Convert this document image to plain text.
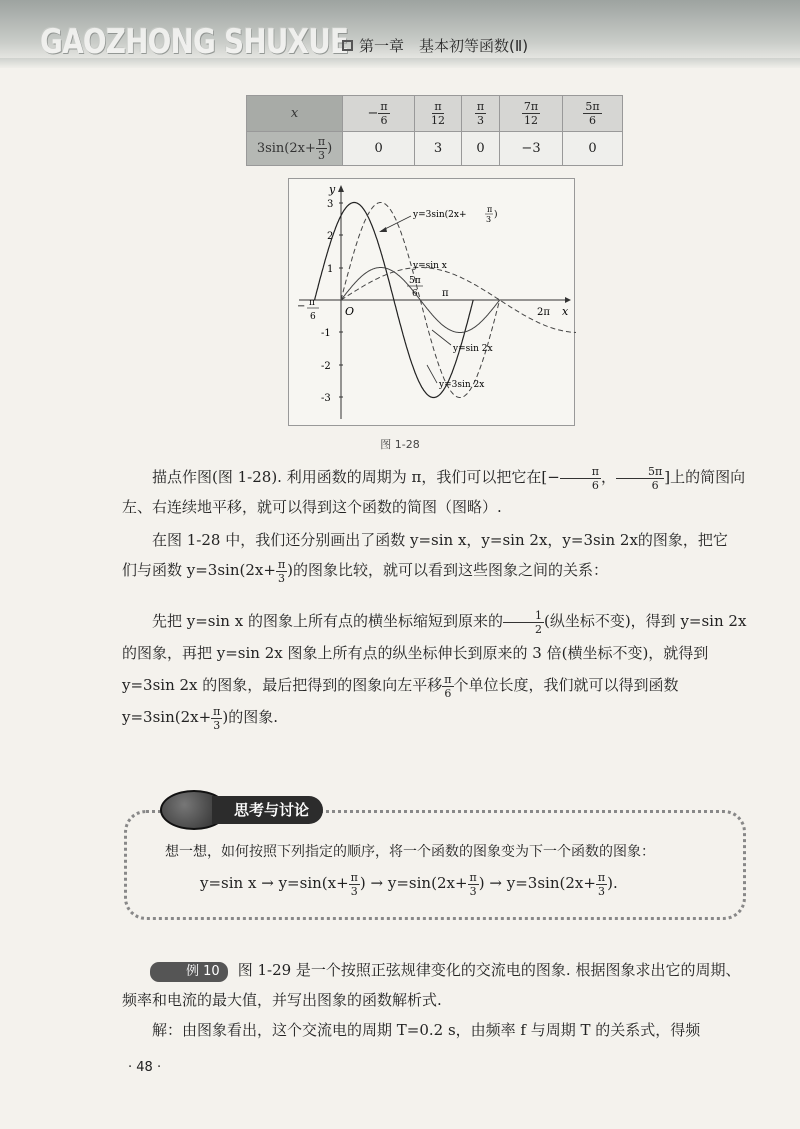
GAOZHONG SHUXUE 第一章　基本初等函数(Ⅱ)
x	− $\frac{\pi}{6}$	$\frac{\pi}{12}$	$\frac{\pi}{3}$	$\frac{7\pi}{12}$	$\frac{5\pi}{6}$

$3\sin(2x+ \frac{\pi}{3}$ )	0	3	0	−3	0
y
x
O
3
2
1
-1
-2
-3
− π
6
5π
6 π
2π
y=3sin(2x+
π
3 )
y=sin x
y=sin 2x
y=3sin 2x
图 1-28
描点作图(图 1-28). 利用函数的周期为 π，我们可以把它在[− $\frac{\pi}{6}$ ， $\frac{5\pi}{6}$ ]上的简图向
左、右连续地平移，就可以得到这个函数的简图（图略）.
在图 1-28 中，我们还分别画出了函数 y=sin x，y=sin 2x，y=3sin 2x的图象，把它
们与函数 $y=3\sin(2x+ \frac{\pi}{3}$ )的图象比较，就可以看到这些图象之间的关系：
先把 y=sin x 的图象上所有点的横坐标缩短到原来的 $\frac{1}{2}$ (纵坐标不变)，得到 y=sin 2x
的图象，再把 y=sin 2x 图象上所有点的纵坐标伸长到原来的 3 倍(横坐标不变)，就得到
y=3sin 2x 的图象，最后把得到的图象向左平移 $\frac{\pi}{6}$ 个单位长度，我们就可以得到函数
$y=3\sin(2x+ \frac{\pi}{3}$ )的图象.
思考与讨论
想一想，如何按照下列指定的顺序，将一个函数的图象变为下一个函数的图象：
y=sin $x \to y=\sin(x+ \frac{\pi}{3}$ ) → $y=\sin(2x+ \frac{\pi}{3}$ ) → $y=3\sin(2x+ \frac{\pi}{3}$ ).
例 10 图 1-29 是一个按照正弦规律变化的交流电的图象. 根据图象求出它的周期、
频率和电流的最大值，并写出图象的函数解析式.
解：由图象看出，这个交流电的周期 T=0.2 s，由频率 f 与周期 T 的关系式，得频
· 48 ·
